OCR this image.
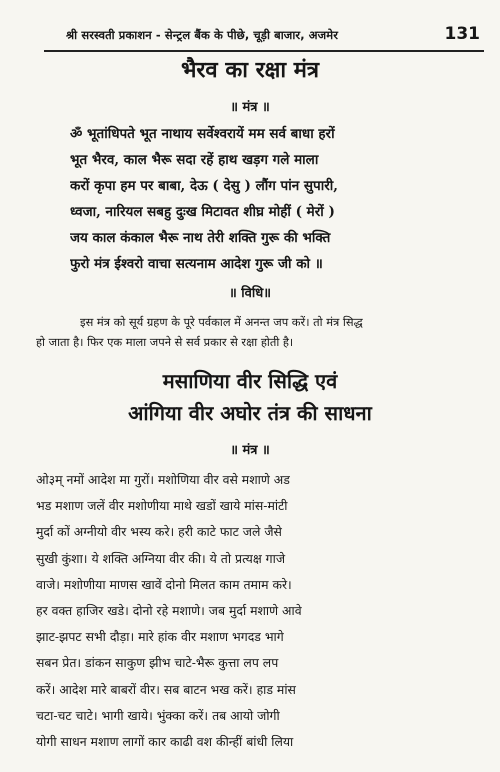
श्री सरस्वती प्रकाशन - सेन्ट्रल बैंक के पीछे, चूड़ी बाजार, अजमेर	131
भैरव का रक्षा मंत्र
॥ मंत्र ॥
ॐ भूतांधिपते भूत नाथाय सर्वेश्वरायें मम सर्व बाधा हरों
भूत भैरव, काल भैरू सदा रहें हाथ खड़ग गले माला
करों कृपा हम पर बाबा, देऊ ( देसु ) लौंग पांन सुपारी,
ध्वजा, नारियल सबहु दुःख मिटावत शीघ्र मोहीं ( मेरों )
जय काल कंकाल भैरू नाथ तेरी शक्ति गुरू की भक्ति
फुरो मंत्र ईश्वरो वाचा सत्यनाम आदेश गुरू जी को ॥
॥ विधि॥
इस मंत्र को सूर्य ग्रहण के पूरे पर्वकाल में अनन्त जप करें। तो मंत्र सिद्ध
हो जाता है। फिर एक माला जपने से सर्व प्रकार से रक्षा होती है।
मसाणिया वीर सिद्धि एवं
आंगिया वीर अघोर तंत्र की साधना
॥ मंत्र ॥
ओ३म् नमों आदेश मा गुरों। मशोणिया वीर वसे मशाणे अड
भड मशाण जलें वीर मशोणीया माथे खडों खाये मांस-मांटी
मुर्दा कों अग्नीयो वीर भस्य करे। हरी काटे फाट जले जैसे
सुखी कुंशा। ये शक्ति अग्निया वीर की। ये तो प्रत्यक्ष गाजे
वाजे। मशोणीया माणस खावें दोनो मिलत काम तमाम करे।
हर वक्त हाजिर खडे। दोनो रहे मशाणे। जब मुर्दा मशाणे आवे
झाट-झपट सभी दौड़ा। मारे हांक वीर मशाण भगदड भागे
सबन प्रेत। डांकन साकुण झीभ चाटे-भैरू कुत्ता लप लप
करें। आदेश मारे बाबरों वीर। सब बाटन भख करें। हाड मांस
चटा-चट चाटे। भागी खाये। भुंक्का करें। तब आयो जोगी
योगी साधन मशाण लागों कार काढी वश कीन्हीं बांधी लिया
